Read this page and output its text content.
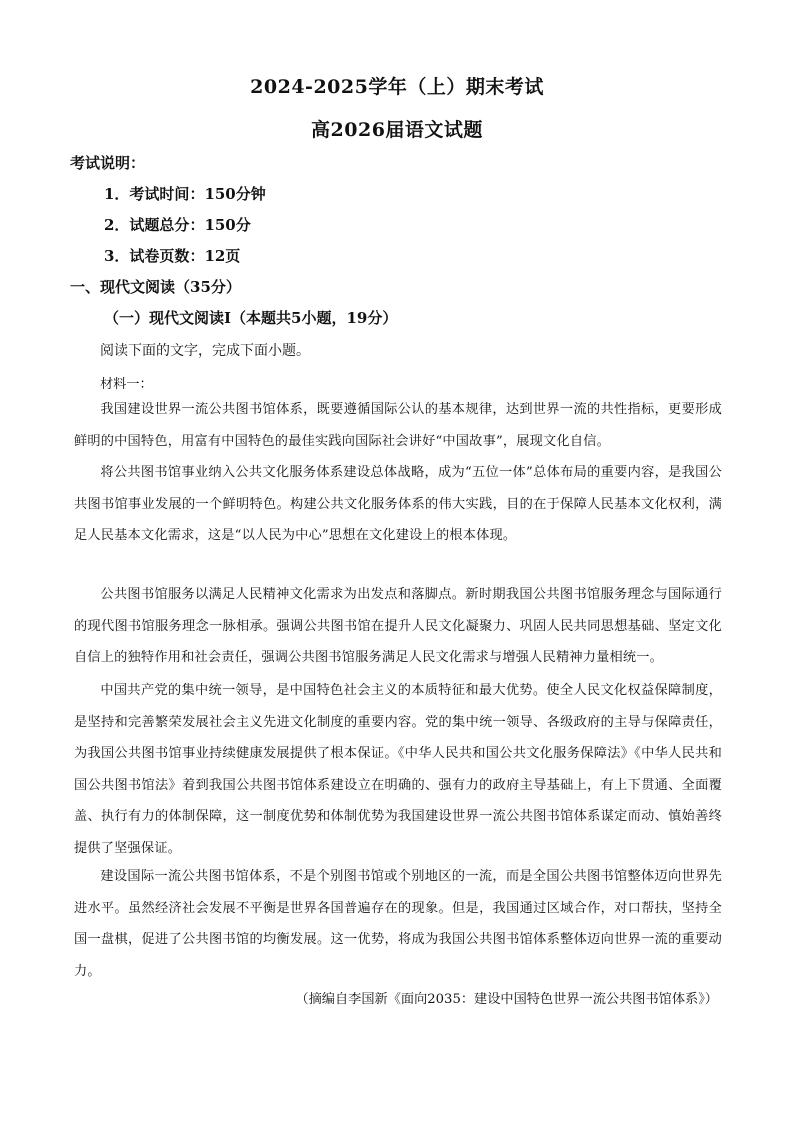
2024-2025学年（上）期末考试
高2026届语文试题
考试说明：
1．考试时间：150分钟
2．试题总分：150分
3．试卷页数：12页
一、现代文阅读（35分）
（一）现代文阅读Ⅰ（本题共5小题，19分）
阅读下面的文字，完成下面小题。
材料一：

我国建设世界一流公共图书馆体系，既要遵循国际公认的基本规律，达到世界一流的共性指标，更要形成鲜明的中国特色，用富有中国特色的最佳实践向国际社会讲好“中国故事”，展现文化自信。

将公共图书馆事业纳入公共文化服务体系建设总体战略，成为“五位一体”总体布局的重要内容，是我国公共图书馆事业发展的一个鲜明特色。构建公共文化服务体系的伟大实践，目的在于保障人民基本文化权利，满足人民基本文化需求，这是“以人民为中心”思想在文化建设上的根本体现。

公共图书馆服务以满足人民精神文化需求为出发点和落脚点。新时期我国公共图书馆服务理念与国际通行的现代图书馆服务理念一脉相承。强调公共图书馆在提升人民文化凝聚力、巩固人民共同思想基础、坚定文化自信上的独特作用和社会责任，强调公共图书馆服务满足人民文化需求与增强人民精神力量相统一。

中国共产党的集中统一领导，是中国特色社会主义的本质特征和最大优势。使全人民文化权益保障制度，是坚持和完善繁荣发展社会主义先进文化制度的重要内容。党的集中统一领导、各级政府的主导与保障责任，为我国公共图书馆事业持续健康发展提供了根本保证。《中华人民共和国公共文化服务保障法》《中华人民共和国公共图书馆法》着到我国公共图书馆体系建设立在明确的、强有力的政府主导基础上，有上下贯通、全面覆盖、执行有力的体制保障，这一制度优势和体制优势为我国建设世界一流公共图书馆体系谋定而动、慎始善终提供了坚强保证。

建设国际一流公共图书馆体系，不是个别图书馆或个别地区的一流，而是全国公共图书馆整体迈向世界先进水平。虽然经济社会发展不平衡是世界各国普遍存在的现象。但是，我国通过区域合作，对口帮扶，坚持全国一盘棋，促进了公共图书馆的均衡发展。这一优势，将成为我国公共图书馆体系整体迈向世界一流的重要动力。

（摘编自李国新《面向2035：建设中国特色世界一流公共图书馆体系》）
